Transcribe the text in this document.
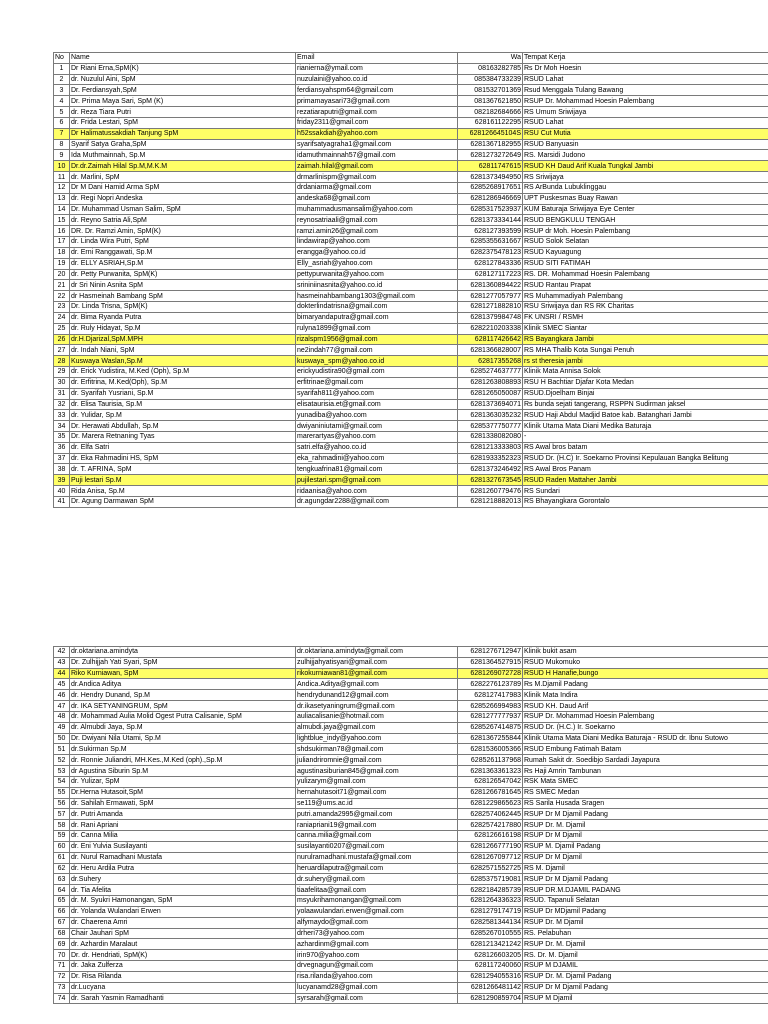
No	Name	Email	Wa	Tempat Kerja
1	Dr Riani Erna,SpM(K)	rianierna@ymail.com	08163282785	Rs Dr Moh Hoesin
2	dr. Nuzulul Aini, SpM	nuzulaini@yahoo.co.id	085384733239	RSUD Lahat
3	Dr. Ferdiansyah,SpM	ferdiansyahspm64@gmail.com	081532701369	Rsud Menggala Tulang Bawang
4	Dr. Prima Maya Sari, SpM (K)	primamayasari73@gmail.com	081367621850	RSUP Dr. Mohammad Hoesin Palembang
5	dr. Reza Tiara Putri	rezatiaraputri@gmail.com	082182684666	RS Umum Sriwijaya
6	dr. Frida Lestari, SpM	friday2311@gmail.com	628161122295	RSUD Lahat
7	Dr Halimatussakdiah Tanjung SpM	h52ssakdiah@yahoo.com	628126645104S	RSU Cut Mutia
8	Syarif Satya Graha,SpM	syarifsatyagraha1@gmail.com	6281367182955	RSUD Banyuasin
9	Ida Muthmainnah, Sp.M	idamuthmainnah57@gmail.com	6281273272649	RS. Marsidi Judono
10	Dr.dr.Zaimah Hilal Sp.M,M.K.M	zaimah.hilal@gmail.com	62811747615	RSUD KH Daud Arif Kuala Tungkal Jambi
11	dr. Marlini, SpM	drmarlinispm@gmail.com	6281373494950	RS Sriwijaya
12	Dr M Dani Hamid Arma SpM	drdaniarma@gmail.com	6285268917651	RS ArBunda Lubuklinggau
13	dr. Regi Nopri Andeska	andeska68@gmail.com	6281286946669	UPT Puskesmas Buay Rawan
14	Dr. Muhammad Usman Salim, SpM	muhammadusmansalim@yahoo.com	6285317523937	KUM Baturaja Sriwijaya Eye Center
15	dr. Reyno Satria Ali,SpM	reynosatriaali@gmail.com	6281373334144	RSUD BENGKULU TENGAH
16	DR. Dr. Ramzi Amin, SpM(K)	ramzi.amin26@gmail.com	628127393599	RSUP dr Moh. Hoesin Palembang
17	dr. Linda Wira Putri, SpM	lindawirap@yahoo.com	6285355631667	RSUD Solok Selatan
18	dr. Erni Ranggawati, Sp.M	erangga@yahoo.co.id	6282375478123	RSUD Kayuagung
19	dr. ELLY ASRIAH,Sp.M	Elly_asriah@yahoo.com	628127843336	RSUD SITI FATIMAH
20	dr. Petty Purwanita, SpM(K)	pettypurwanita@yahoo.com	628127117223	RS. DR. Mohammad Hoesin Palembang
21	dr Sri Ninin Asnita SpM	srininiinasnita@yahoo.co.id	6281360894422	RSUD Rantau Prapat
22	dr Hasmeinah Bambang SpM	hasmeinahbambang1303@gmail.com	6281277057977	RS Muhammadiyah Palembang
23	Dr. Linda Trisna, SpM(K)	dokterlindatrisna@gmail.com	6281271882810	RSU Sriwijaya dan RS RK Charitas
24	dr. Bima Ryanda Putra	bimaryandaputra@gmail.com	6281379984748	FK UNSRI / RSMH
25	dr. Ruly Hidayat, Sp.M	rulyna1899@gmail.com	6282210203338	Klinik SMEC Siantar
26	dr.H.Djarizal,SpM.MPH	rizalspm1956@gmail.com	628117426642	RS Bayangkara Jambi
27	dr. Indah Niani, SpM	ne2indah77@gmail.com	6281366828007	RS MHA Thalib Kota Sungai Penuh
28	Kuswaya Waslan,Sp.M	kuswaya_spm@yahoo.co.id	62817355268	rs st theresia jambi
29	dr. Erick Yudistira, M.Ked (Oph), Sp.M	erickyudistira90@gmail.com	6285274637777	Klinik Mata Annisa Solok
30	dr. Erfitrina, M.Ked(Oph), Sp.M	erfitrinae@gmail.com	6281263808893	RSU H Bachtiar Djafar Kota Medan
31	dr. Syarifah Yusriani, Sp.M	syarifah811@yahoo.com	6281265050087	RSUD.Djoelham Binjai
32	dr. Elisa Taurisia, Sp.M	elisataurisia.et@gmail.com	6281373694071	Rs bunda sejati tangerang, RSPPN Sudirman jaksel
33	dr. Yulidar, Sp.M	yunadiba@yahoo.com	6281363035232	RSUD Haji Abdul Madjid Batoe kab. Batanghari Jambi
34	Dr. Herawati Abdullah, Sp.M	dwiyaniniutami@gmail.com	6285377750777	Klinik Utama Mata Diani Medika Baturaja
35	Dr. Marera Retnaning Tyas	marerartyas@yahoo.com	6281338082080	-
36	dr. Elfa Satri	satri.elfa@yahoo.co.id	6281213333803	RS Awal bros batam
37	dr. Eka Rahmadini HS, SpM	eka_rahmadini@yahoo.com	6281933352323	RSUD Dr. (H.C) Ir. Soekarno Provinsi Kepulauan Bangka Belitung
38	dr. T. AFRINA, SpM	tengkuafrina81@gmail.com	6281373246492	RS Awal Bros Panam
39	Puji lestari Sp.M	pujilestari.spm@gmail.com	6281327673545	RSUD Raden Mattaher Jambi
40	Rida Anisa, Sp.M	ridaanisa@yahoo.com	6281260779476	RS Sundari
41	Dr. Agung Darmawan SpM	dr.agungdar2288@gmail.com	6281218882013	RS Bhayangkara Gorontalo
42	dr.oktariana.amindyta	dr.oktariana.amindyta@gmail.com	6281276712947	Klinik bukit asam
43	Dr. Zulhijjah Yati Syari, SpM	zulhijjahyatisyari@gmail.com	6281364527915	RSUD Mukomuko
44	Riko Kurniawan, SpM	rikokurniawan81@gmail.com	6281269072728	RSUD H Hanafie,bungo
45	dr.Andica Aditya	Andica.Aditya@gmail.com	6282276123789	Rs M.Djamil Padang
46	dr. Hendry Dunand, Sp.M	hendrydunand12@gmail.com	628127417983	Klinik Mata Indira
47	dr. IKA SETYANINGRUM, SpM	dr.ikasetyaningrum@gmail.com	6285266994983	RSUD KH. Daud Arif
48	dr. Mohammad Aulia Molid Ogest Putra Calisanie, SpM	auliacalisanie@hotmail.com	6281277777937	RSUP Dr. Mohammad Hoesin Palembang
49	dr. Almubdi Jaya, Sp.M	almubdi.jaya@gmail.com	6285267414875	RSUD Dr. (H.C.) Ir. Soekarno
50	Dr. Dwiyani Nila Utami, Sp.M	lightblue_indy@yahoo.com	6281367255844	Klinik Utama Mata Diani Medika Baturaja - RSUD dr. Ibnu Sutowo
51	dr.Sukirman Sp.M	shdsukirman78@gmail.com	6281536005366	RSUD Embung Fatimah Batam
52	dr. Ronnie Juliandri, MH.Kes.,M.Ked (oph).,Sp.M	juliandriromnie@gmail.com	6285261137968	Rumah Sakit dr. Soedibjo Sardadi Jayapura
53	dr Agustina Siburin Sp.M	agustinasiburian845@gmail.com	6281363361323	Rs Haji Amrin Tambunan
54	dr. Yulizar, SpM	yulizarym@gmail.com	628126547042	RSK Mata SMEC
55	Dr.Herna Hutasoit,SpM	hernahutasoit71@gmail.com	6281266781645	RS SMEC Medan
56	dr. Sahilah Ermawati, SpM	se119@ums.ac.id	6281229865623	RS Sarila Husada Sragen
57	dr. Putri Amanda	putri.amanda2995@gmail.com	6282574062445	RSUP Dr M Djamil Padang
58	dr. Rani Apriani	raniapriani19@gmail.com	6282574217880	RSUP Dr. M. Djamil
59	dr. Canna Milia	canna.milia@gmail.com	628126616198	RSUP Dr M Djamil
60	dr. Eni Yulvia Susilayanti	susilayanti0207@gmail.com	6281266777190	RSUP M. Djamil Padang
61	dr. Nurul Ramadhani Mustafa	nurulramadhani.mustafa@gmail.com	6281267097712	RSUP Dr M Djamil
62	dr. Heru Ardila Putra	heruardilaputra@gmail.com	6282571552725	RS M. Djamil
63	dr.Suhery	dr.suhery@gmail.com	6285375719081	RSUP Dr M Djamil Padang
64	dr. Tia Afelita	tiaafelitaa@gmail.com	6282184285739	RSUP DR.M.DJAMIL PADANG
65	dr. M. Syukri Hamonangan, SpM	msyukrihamonangan@gmail.com	6281264336323	RSUD. Tapanuli Selatan
66	dr. Yolanda Wulandari Erwen	yolaawulandari.erwen@gmail.com	6281279174719	RSUP Dr MDjamil Padang
67	dr. Chaerena Amri	alfymaydo@gmail.com	6282581344134	RSUP Dr. M Djamil
68	Chair Jauhari SpM	drheri73@yahoo.com	6285267010555	RS. Pelabuhan
69	dr. Azhardin Maralaut	azhardinm@gmail.com	6281213421242	RSUP Dr. M. Djamil
70	Dr. dr. Hendriati, SpM(K)	irin970@yahoo.com	628126603205	RS. Dr. M. Djamil
71	dr. Jaka Zulferza	drvegnagun@gmail.com	628117240060	RSUP M DJAMIL
72	Dr. Risa Rilanda	risa.rilanda@yahoo.com	6281294055316	RSUP Dr. M. Djamil Padang
73	dr.Lucyana	lucyanamd28@gmail.com	6281266481142	RSUP Dr M Djamil Padang
74	dr. Sarah Yasmin Ramadhanti	syrsarah@gmail.com	6281290859704	RSUP M Djamil
